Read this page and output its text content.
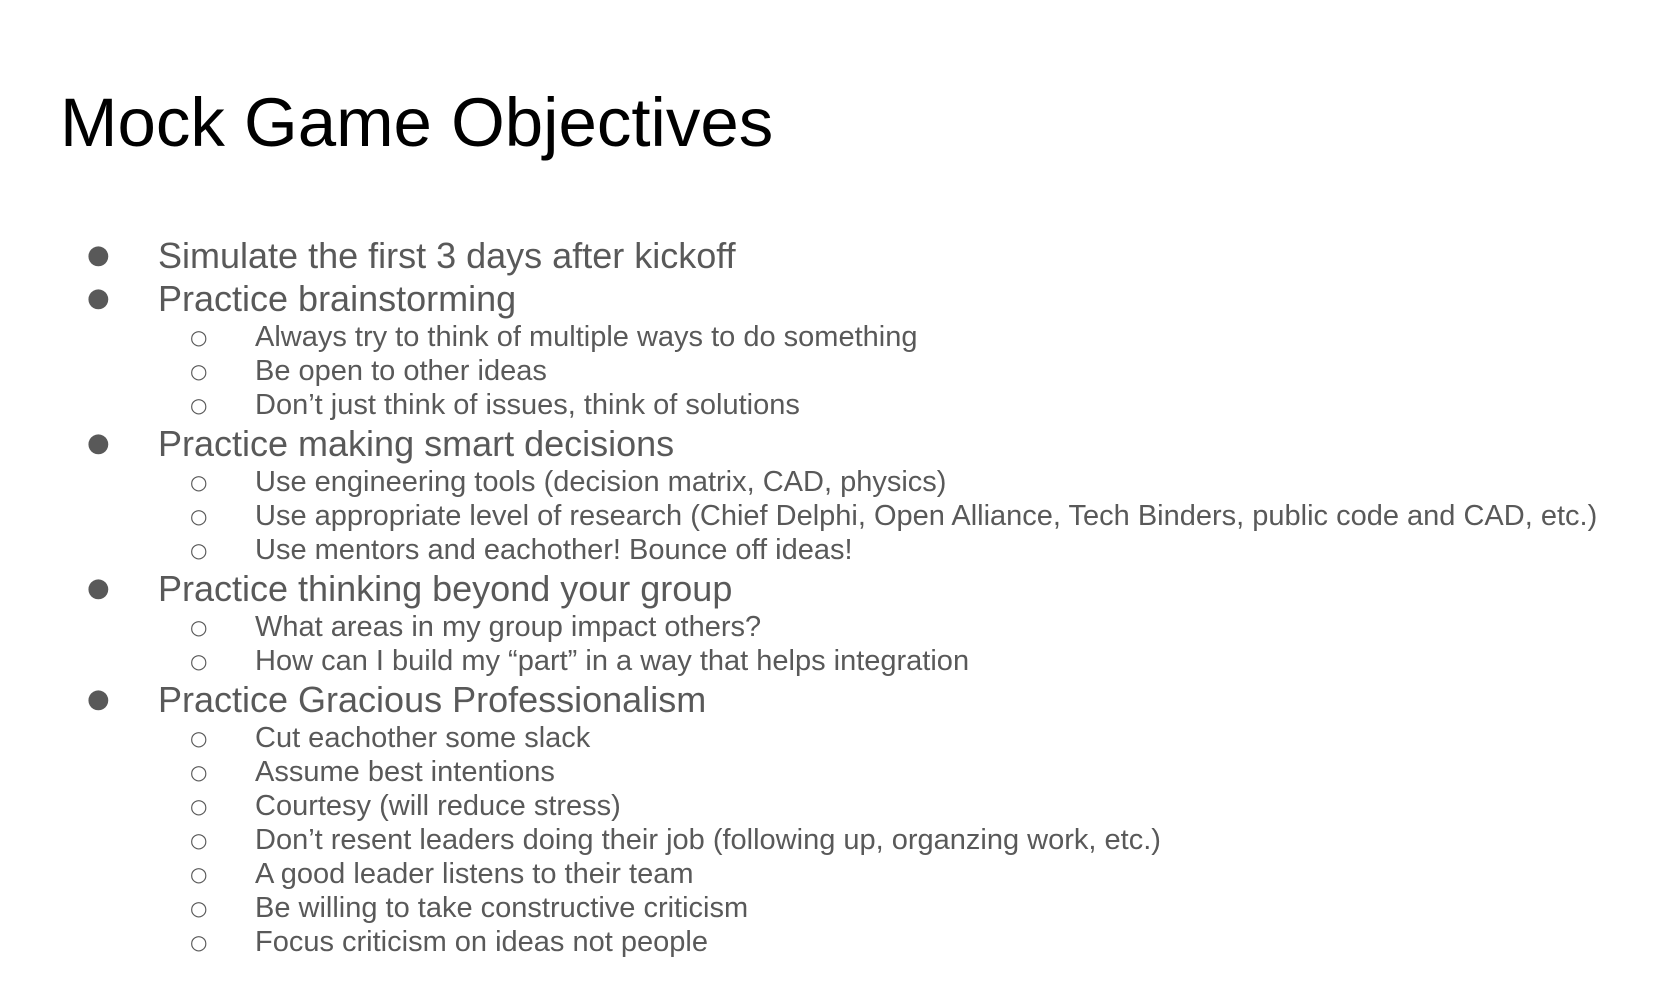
Mock Game Objectives
● Simulate the first 3 days after kickoff
● Practice brainstorming
○ Always try to think of multiple ways to do something
○ Be open to other ideas
○ Don’t just think of issues, think of solutions
● Practice making smart decisions
○ Use engineering tools (decision matrix, CAD, physics)
○ Use appropriate level of research (Chief Delphi, Open Alliance, Tech Binders, public code and CAD, etc.)
○ Use mentors and eachother! Bounce off ideas!
● Practice thinking beyond your group
○ What areas in my group impact others?
○ How can I build my “part” in a way that helps integration
● Practice Gracious Professionalism
○ Cut eachother some slack
○ Assume best intentions
○ Courtesy (will reduce stress)
○ Don’t resent leaders doing their job (following up, organzing work, etc.)
○ A good leader listens to their team
○ Be willing to take constructive criticism
○ Focus criticism on ideas not people
